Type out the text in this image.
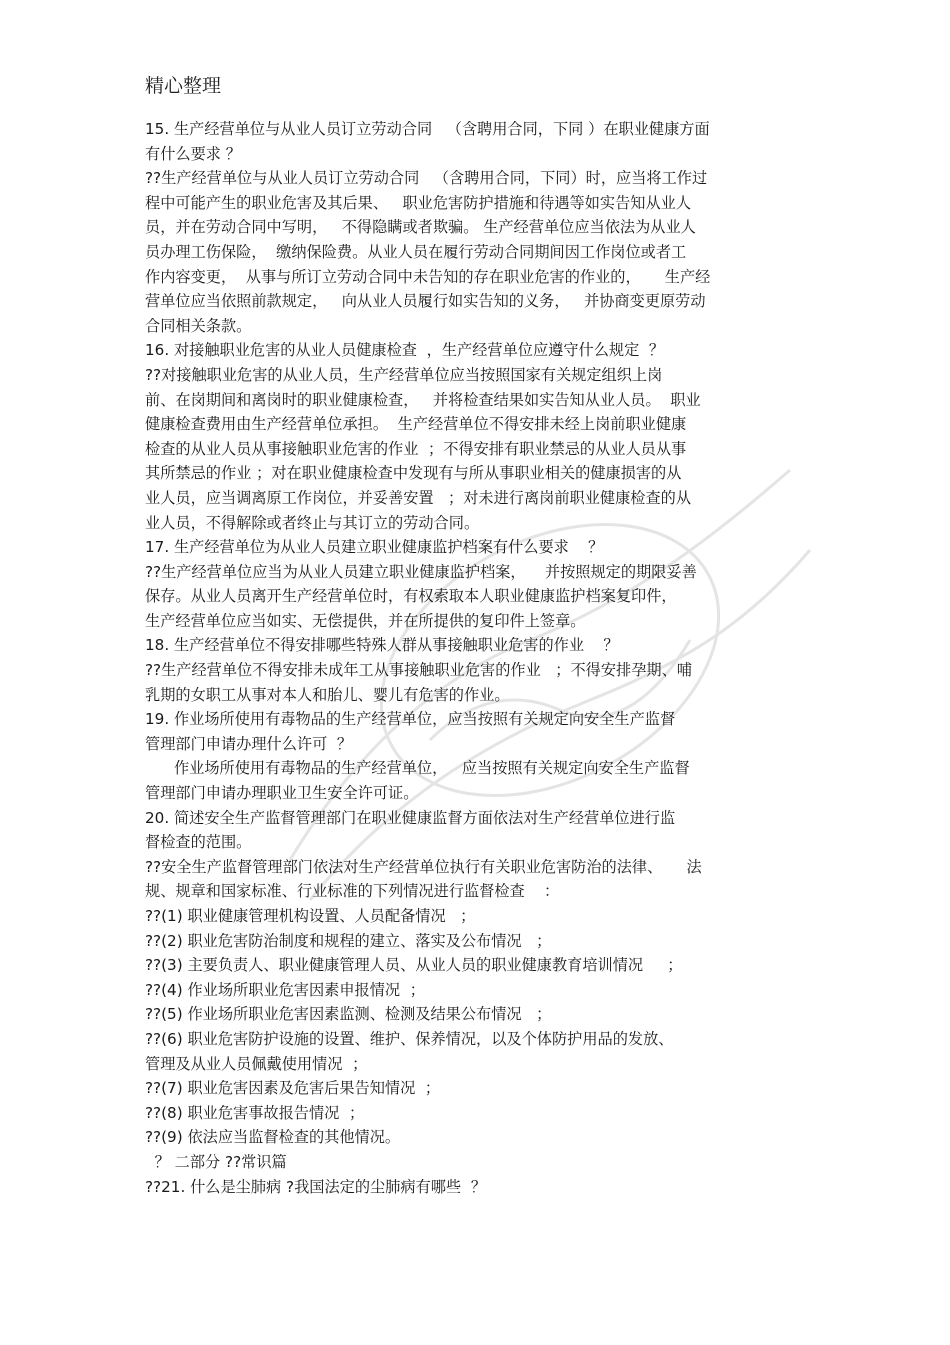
精心整理
15. 生产经营单位与从业人员订立劳动合同   （含聘用合同，下同 ）在职业健康方面
有什么要求 ？
??生产经营单位与从业人员订立劳动合同   （含聘用合同，下同）时，应当将工作过
程中可能产生的职业危害及其后果、   职业危害防护措施和待遇等如实告知从业人
员，并在劳动合同中写明，   不得隐瞒或者欺骗。 生产经营单位应当依法为从业人
员办理工伤保险，  缴纳保险费。从业人员在履行劳动合同期间因工作岗位或者工
作内容变更，  从事与所订立劳动合同中未告知的存在职业危害的作业的，     生产经
营单位应当依照前款规定，   向从业人员履行如实告知的义务，   并协商变更原劳动
合同相关条款。
16. 对接触职业危害的从业人员健康检查  ，生产经营单位应遵守什么规定  ？
??对接触职业危害的从业人员，生产经营单位应当按照国家有关规定组织上岗
前、在岗期间和离岗时的职业健康检查，   并将检查结果如实告知从业人员。  职业
健康检查费用由生产经营单位承担。  生产经营单位不得安排未经上岗前职业健康
检查的从业人员从事接触职业危害的作业  ；不得安排有职业禁忌的从业人员从事
其所禁忌的作业 ；对在职业健康检查中发现有与所从事职业相关的健康损害的从
业人员，应当调离原工作岗位，并妥善安置   ；对未进行离岗前职业健康检查的从
业人员，不得解除或者终止与其订立的劳动合同。
17. 生产经营单位为从业人员建立职业健康监护档案有什么要求    ？
??生产经营单位应当为从业人员建立职业健康监护档案，    并按照规定的期限妥善
保存。从业人员离开生产经营单位时，有权索取本人职业健康监护档案复印件，
生产经营单位应当如实、无偿提供，并在所提供的复印件上签章。
18. 生产经营单位不得安排哪些特殊人群从事接触职业危害的作业    ？
??生产经营单位不得安排未成年工从事接触职业危害的作业   ；不得安排孕期、哺
乳期的女职工从事对本人和胎儿、婴儿有危害的作业。
19. 作业场所使用有毒物品的生产经营单位，应当按照有关规定向安全生产监督
管理部门申请办理什么许可  ？
作业场所使用有毒物品的生产经营单位，   应当按照有关规定向安全生产监督
管理部门申请办理职业卫生安全许可证。
20. 简述安全生产监督管理部门在职业健康监督方面依法对生产经营单位进行监
督检查的范围。
??安全生产监督管理部门依法对生产经营单位执行有关职业危害防治的法律、     法
规、规章和国家标准、行业标准的下列情况进行监督检查    ：
??(1) 职业健康管理机构设置、人员配备情况   ；
??(2) 职业危害防治制度和规程的建立、落实及公布情况   ；
??(3) 主要负责人、职业健康管理人员、从业人员的职业健康教育培训情况     ；
??(4) 作业场所职业危害因素申报情况  ；
??(5) 作业场所职业危害因素监测、检测及结果公布情况   ；
??(6) 职业危害防护设施的设置、维护、保养情况，以及个体防护用品的发放、
管理及从业人员佩戴使用情况  ；
??(7) 职业危害因素及危害后果告知情况  ；
??(8) 职业危害事故报告情况  ；
??(9) 依法应当监督检查的其他情况。
？ 二部分 ??常识篇
??21. 什么是尘肺病 ?我国法定的尘肺病有哪些  ？
